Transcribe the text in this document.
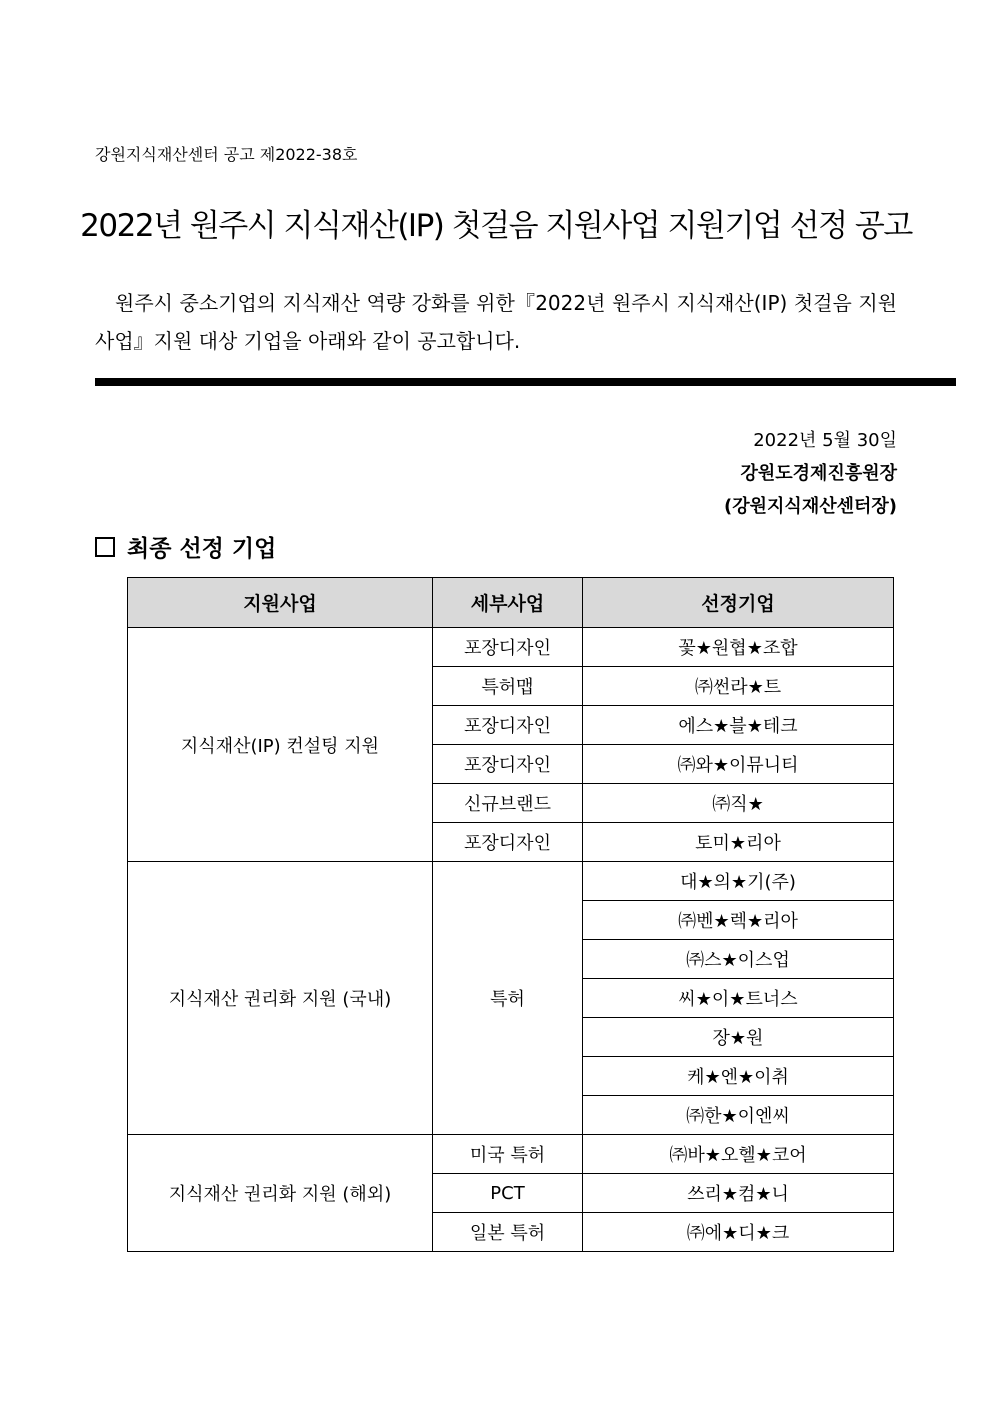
강원지식재산센터 공고 제2022-38호
2022년 원주시 지식재산(IP) 첫걸음 지원사업 지원기업 선정 공고
원주시 중소기업의 지식재산 역량 강화를 위한『2022년 원주시 지식재산(IP) 첫걸음 지원사업』지원 대상 기업을 아래와 같이 공고합니다.
2022년 5월 30일
강원도경제진흥원장
(강원지식재산센터장)
최종 선정 기업
지원사업	세부사업	선정기업
지식재산(IP) 컨설팅 지원	포장디자인	꽃★원협★조합
	특허맵	㈜썬라★트
	포장디자인	에스★블★테크
	포장디자인	㈜와★이뮤니티
	신규브랜드	㈜직★
	포장디자인	토미★리아
지식재산 권리화 지원 (국내)	특허	대★의★기(주)
		㈜벤★렉★리아
		㈜스★이스업
		씨★이★트너스
		장★원
		케★엔★이취
		㈜한★이엔씨
지식재산 권리화 지원 (해외)	미국 특허	㈜바★오헬★코어
	PCT	쓰리★컴★니
	일본 특허	㈜에★디★크
